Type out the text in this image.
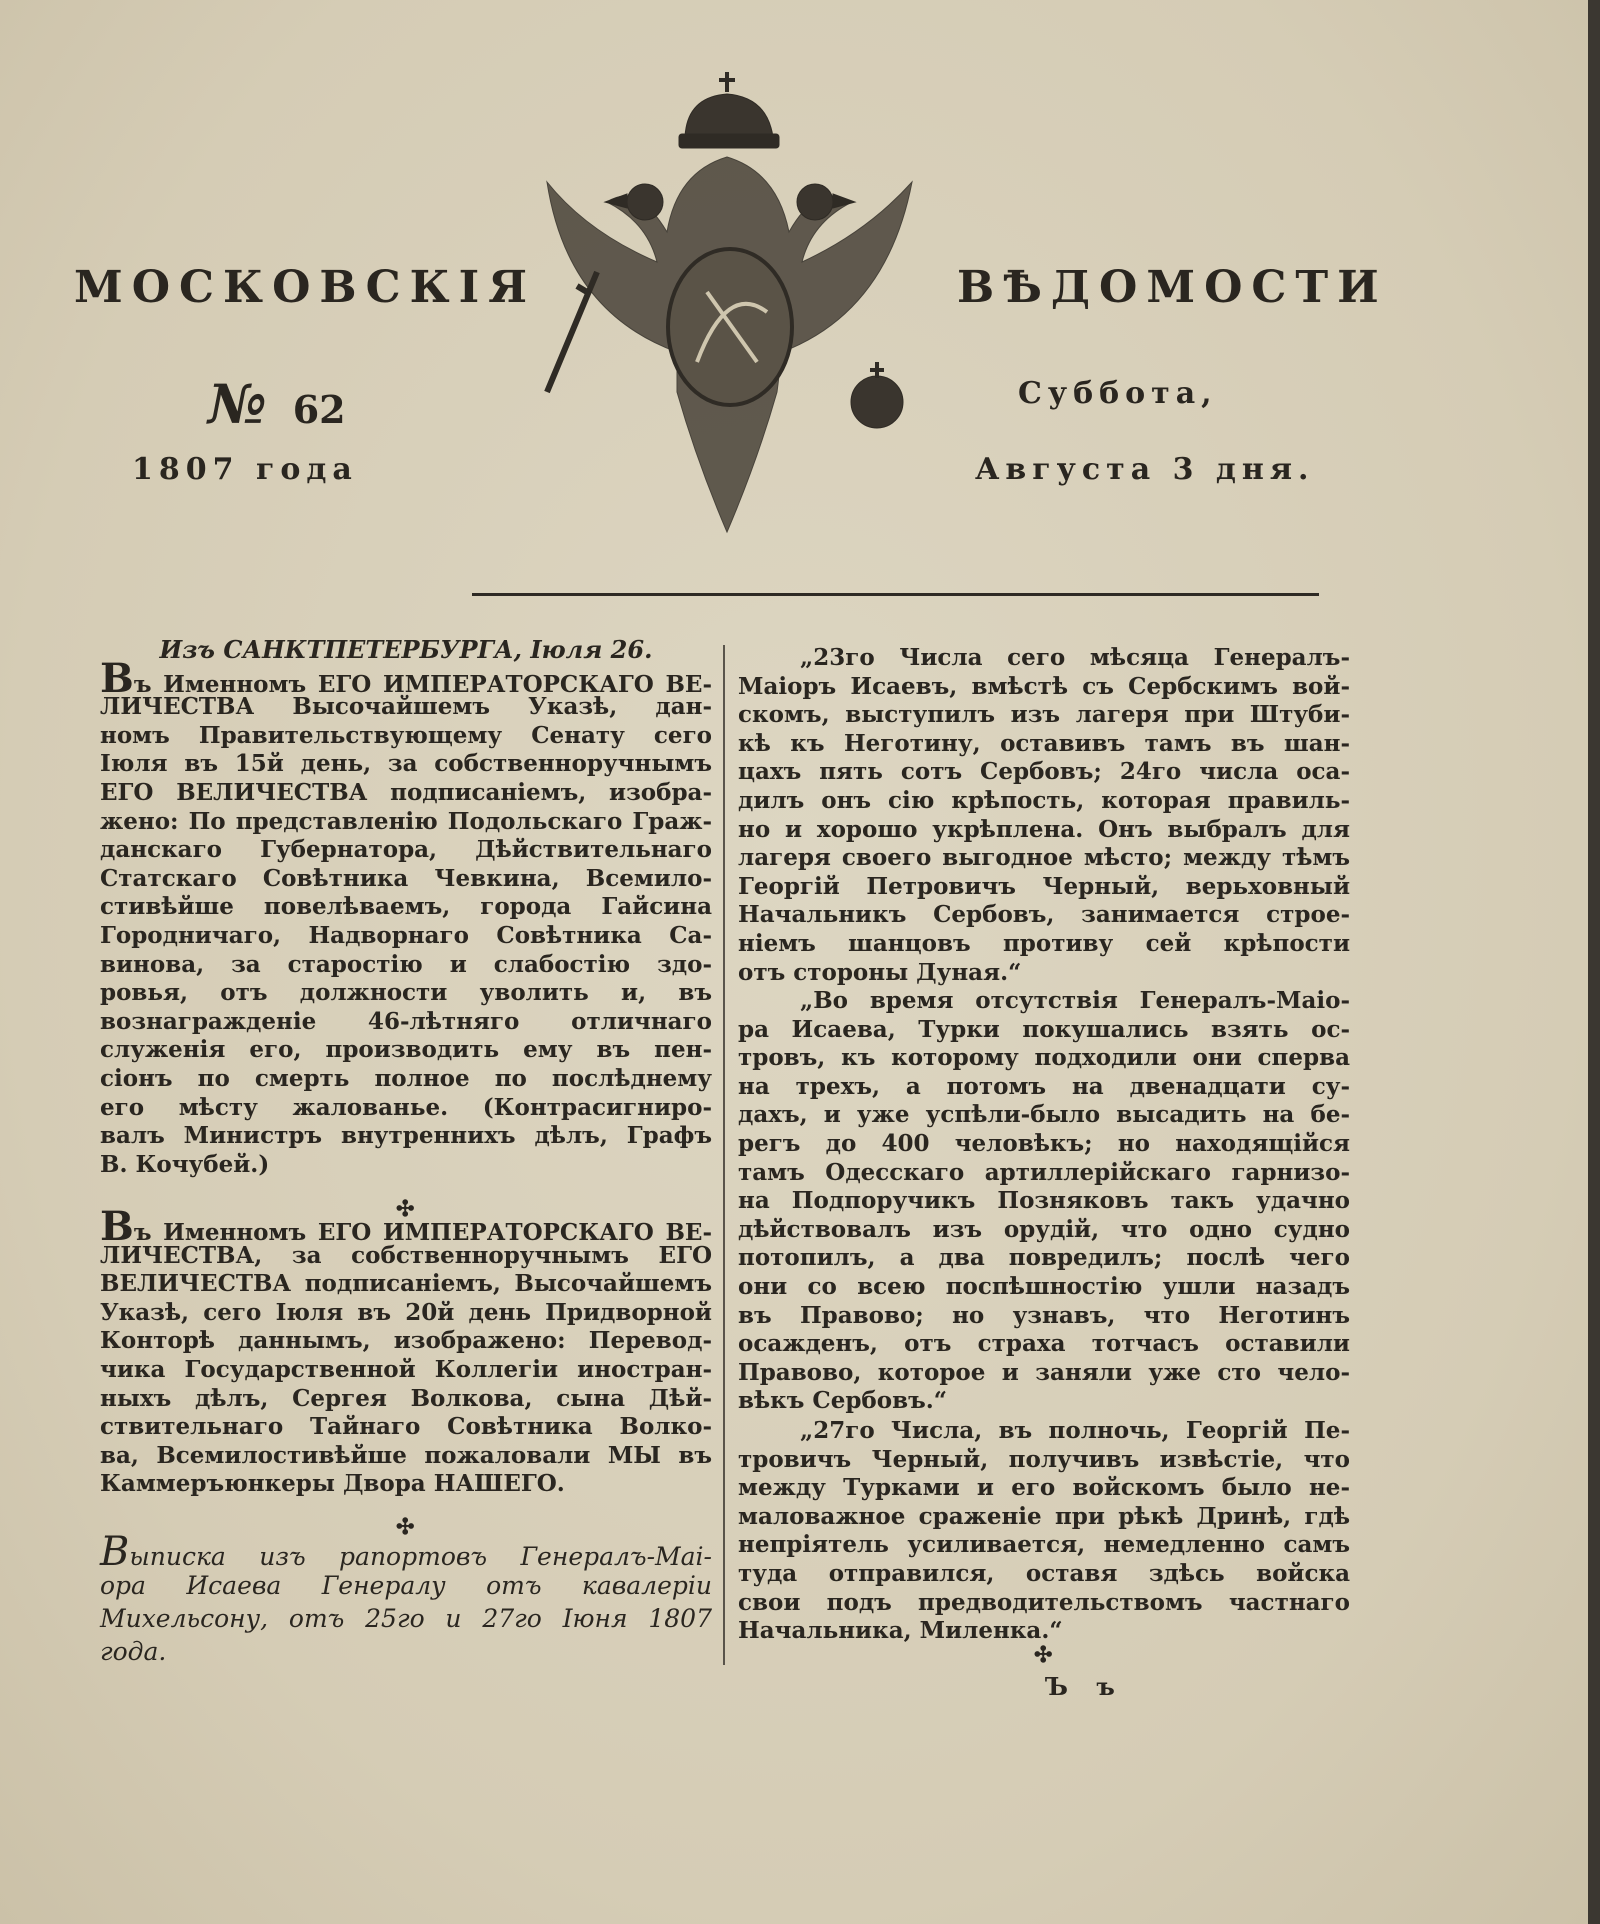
МОСКОВСКІЯ	ВѢДОМОСТИ
№ 62	Суббота,
1807 года	Августа 3 дня.
Изъ САНКТПЕТЕРБУРГА, Іюля 26.
Въ Именномъ ЕГО ИМПЕРАТОРСКАГО ВЕ-
ЛИЧЕСТВА Высочайшемъ Указѣ, дан-
номъ Правительствующему Сенату сего
Іюля въ 15й день, за собственноручнымъ
ЕГО ВЕЛИЧЕСТВА подписаніемъ, изобра-
жено: По представленію Подольскаго Граж-
данскаго Губернатора, Дѣйствительнаго
Статскаго Совѣтника Чевкина, Всемило-
стивѣйше повелѣваемъ, города Гайсина
Городничаго, Надворнаго Совѣтника Са-
винова, за старостію и слабостію здо-
ровья, отъ должности уволить и, въ
вознагражденіе 46-лѣтняго отличнаго
служенія его, производить ему въ пен-
сіонъ по смерть полное по послѣднему
его мѣсту жалованье. (Контрасигниро-
валъ Министръ внутреннихъ дѣлъ, Графъ
В. Кочубей.)
✣
Въ Именномъ ЕГО ИМПЕРАТОРСКАГО ВЕ-
ЛИЧЕСТВА, за собственноручнымъ ЕГО
ВЕЛИЧЕСТВА подписаніемъ, Высочайшемъ
Указѣ, сего Іюля въ 20й день Придворной
Конторѣ даннымъ, изображено: Перевод-
чика Государственной Коллегіи иностран-
ныхъ дѣлъ, Сергея Волкова, сына Дѣй-
ствительнаго Тайнаго Совѣтника Волко-
ва, Всемилостивѣйше пожаловали МЫ въ
Каммеръюнкеры Двора НАШЕГО.
✣
Выписка изъ рапортовъ Генералъ-Маі-
ора Исаева Генералу отъ кавалеріи
Михельсону, отъ 25го и 27го Іюня 1807
года.
„23го Числа сего мѣсяца Генералъ-
Маіоръ Исаевъ, вмѣстѣ съ Сербскимъ вой-
скомъ, выступилъ изъ лагеря при Штуби-
кѣ къ Неготину, оставивъ тамъ въ шан-
цахъ пять сотъ Сербовъ; 24го числа оса-
дилъ онъ сію крѣпость, которая правиль-
но и хорошо укрѣплена. Онъ выбралъ для
лагеря своего выгодное мѣсто; между тѣмъ
Георгій Петровичъ Черный, верьховный
Начальникъ Сербовъ, занимается строе-
ніемъ шанцовъ противу сей крѣпости
отъ стороны Дуная.“
„Во время отсутствія Генералъ-Маіо-
ра Исаева, Турки покушались взять ос-
тровъ, къ которому подходили они сперва
на трехъ, а потомъ на двенадцати су-
дахъ, и уже успѣли-было высадить на бе-
регъ до 400 человѣкъ; но находящійся
тамъ Одесскаго артиллерійскаго гарнизо-
на Подпоручикъ Позняковъ такъ удачно
дѣйствовалъ изъ орудій, что одно судно
потопилъ, а два повредилъ; послѣ чего
они со всею поспѣшностію ушли назадъ
въ Правово; но узнавъ, что Неготинъ
осажденъ, отъ страха тотчасъ оставили
Правово, которое и заняли уже сто чело-
вѣкъ Сербовъ.“
„27го Числа, въ полночь, Георгій Пе-
тровичъ Черный, получивъ извѣстіе, что
между Турками и его войскомъ было не-
маловажное сраженіе при рѣкѣ Дринѣ, гдѣ
непріятель усиливается, немедленно самъ
туда отправился, оставя здѣсь войска
свои подъ предводительствомъ частнаго
Начальника, Миленка.“
✣
Ъ ъ
